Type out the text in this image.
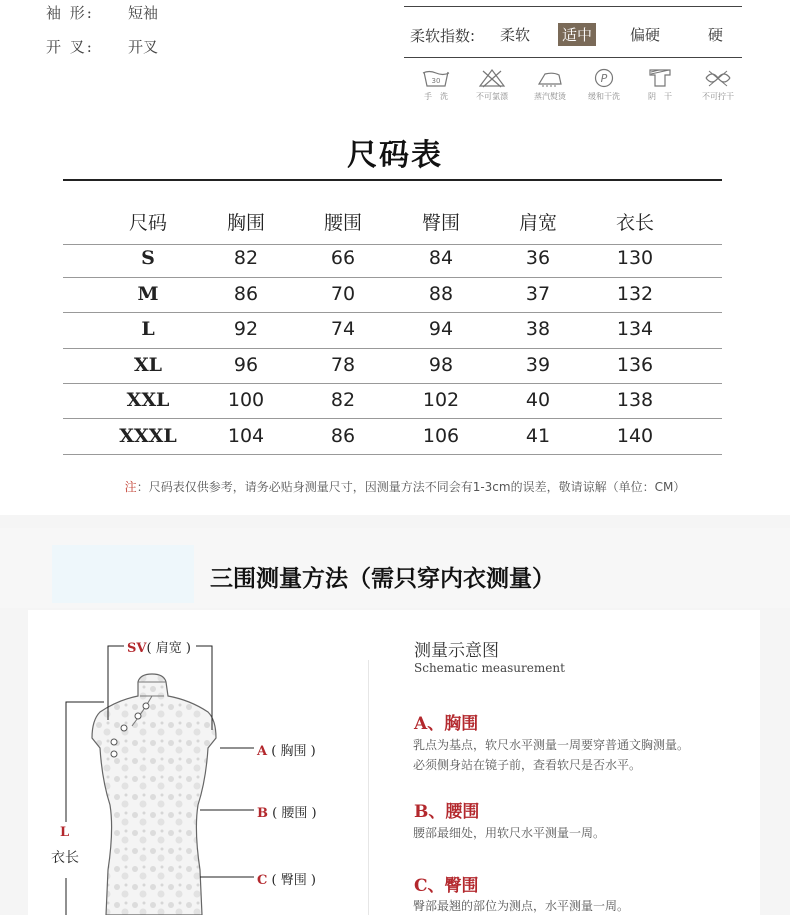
袖 形: 短袖
开 叉: 开叉
柔软指数: 柔软 适中	偏硬	硬
30
手　洗	不可氯漂	蒸汽熨烫
P
缓和干洗	阴　干	不可拧干
尺码表
尺码	胸围	腰围	臀围	肩宽	衣长
S	82	66	84	36	130
M	86	70	88	37	132
L	92	74	94	38	134
XL	96	78	98	39	136
XXL	100	82	102	40	138
XXXL	104	86	106	41	140
注：尺码表仅供参考，请务必贴身测量尺寸，因测量方法不同会有1-3cm的误差，敬请谅解（单位：CM）
三围测量方法（需只穿内衣测量）
SV( 肩宽 )
A ( 胸围 )
B ( 腰围 )
C ( 臀围 )
L
衣长
测量示意图
Schematic measurement
A、胸围
乳点为基点，软尺水平测量一周要穿普通文胸测量。
必须侧身站在镜子前，查看软尺是否水平。
B、腰围
腰部最细处，用软尺水平测量一周。
C、臀围
臀部最翘的部位为测点，水平测量一周。
